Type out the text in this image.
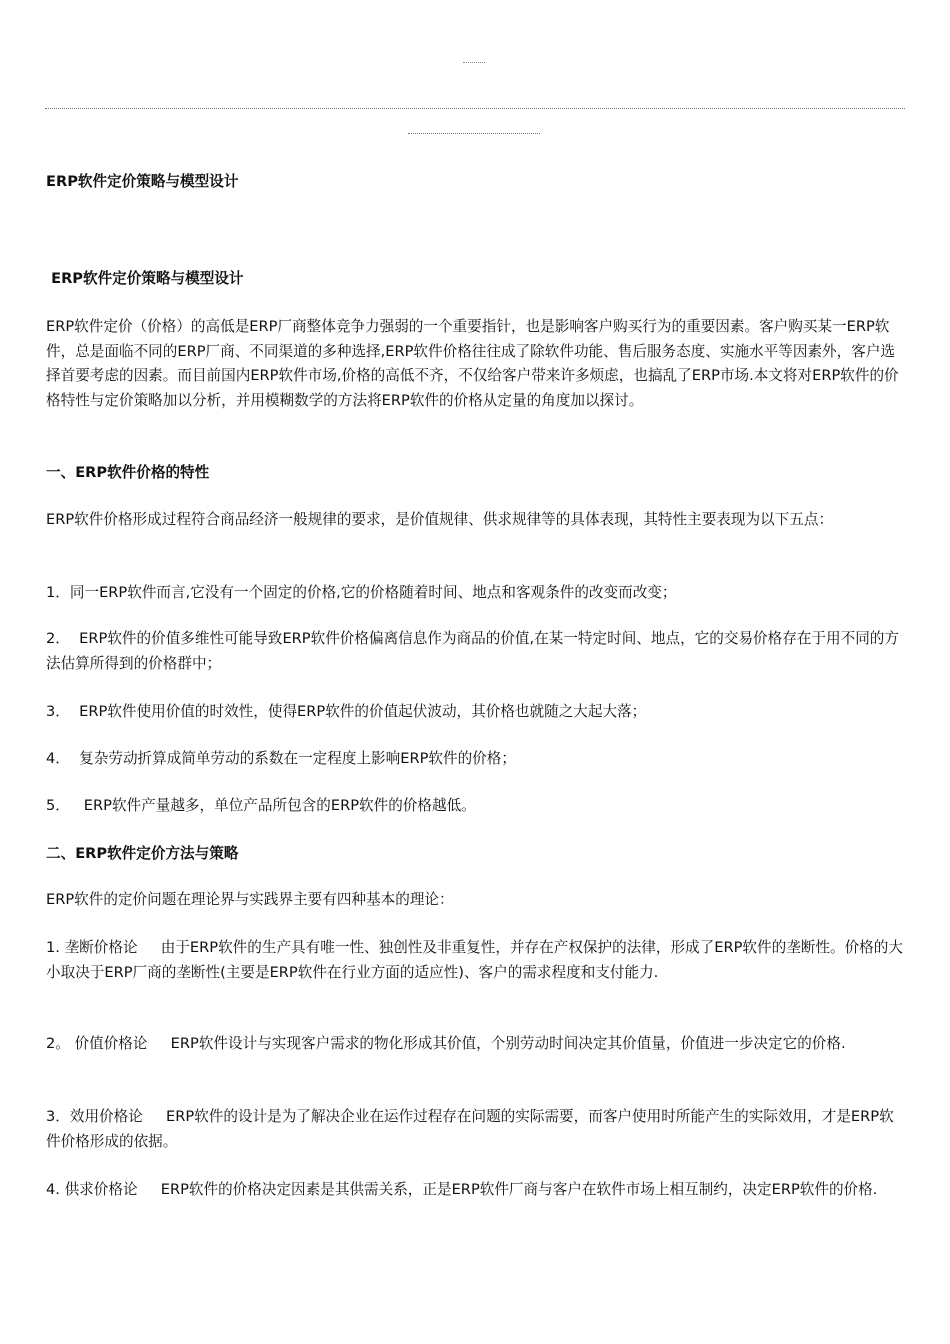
ERP软件定价策略与模型设计

ERP软件定价策略与模型设计

ERP软件定价（价格）的高低是ERP厂商整体竞争力强弱的一个重要指针，也是影响客户购买行为的重要因素。客户购买某一ERP软件，总是面临不同的ERP厂商、不同渠道的多种选择,ERP软件价格往往成了除软件功能、售后服务态度、实施水平等因素外，客户选择首要考虑的因素。而目前国内ERP软件市场,价格的高低不齐，不仅给客户带来许多烦虑，也搞乱了ERP市场.本文将对ERP软件的价格特性与定价策略加以分析，并用模糊数学的方法将ERP软件的价格从定量的角度加以探讨。

一、ERP软件价格的特性

ERP软件价格形成过程符合商品经济一般规律的要求，是价值规律、供求规律等的具体表现，其特性主要表现为以下五点：

1．同一ERP软件而言,它没有一个固定的价格,它的价格随着时间、地点和客观条件的改变而改变；

2．  ERP软件的价值多维性可能导致ERP软件价格偏离信息作为商品的价值,在某一特定时间、地点，它的交易价格存在于用不同的方法估算所得到的价格群中；

3．  ERP软件使用价值的时效性，使得ERP软件的价值起伏波动，其价格也就随之大起大落；

4．  复杂劳动折算成简单劳动的系数在一定程度上影响ERP软件的价格；

5．   ERP软件产量越多，单位产品所包含的ERP软件的价格越低。

二、ERP软件定价方法与策略

ERP软件的定价问题在理论界与实践界主要有四种基本的理论：

1. 垄断价格论     由于ERP软件的生产具有唯一性、独创性及非重复性，并存在产权保护的法律，形成了ERP软件的垄断性。价格的大小取决于ERP厂商的垄断性(主要是ERP软件在行业方面的适应性)、客户的需求程度和支付能力.

2。 价值价格论     ERP软件设计与实现客户需求的物化形成其价值，个别劳动时间决定其价值量，价值进一步决定它的价格.

3．效用价格论     ERP软件的设计是为了解决企业在运作过程存在问题的实际需要，而客户使用时所能产生的实际效用，才是ERP软件价格形成的依据。

4. 供求价格论     ERP软件的价格决定因素是其供需关系，正是ERP软件厂商与客户在软件市场上相互制约，决定ERP软件的价格.
